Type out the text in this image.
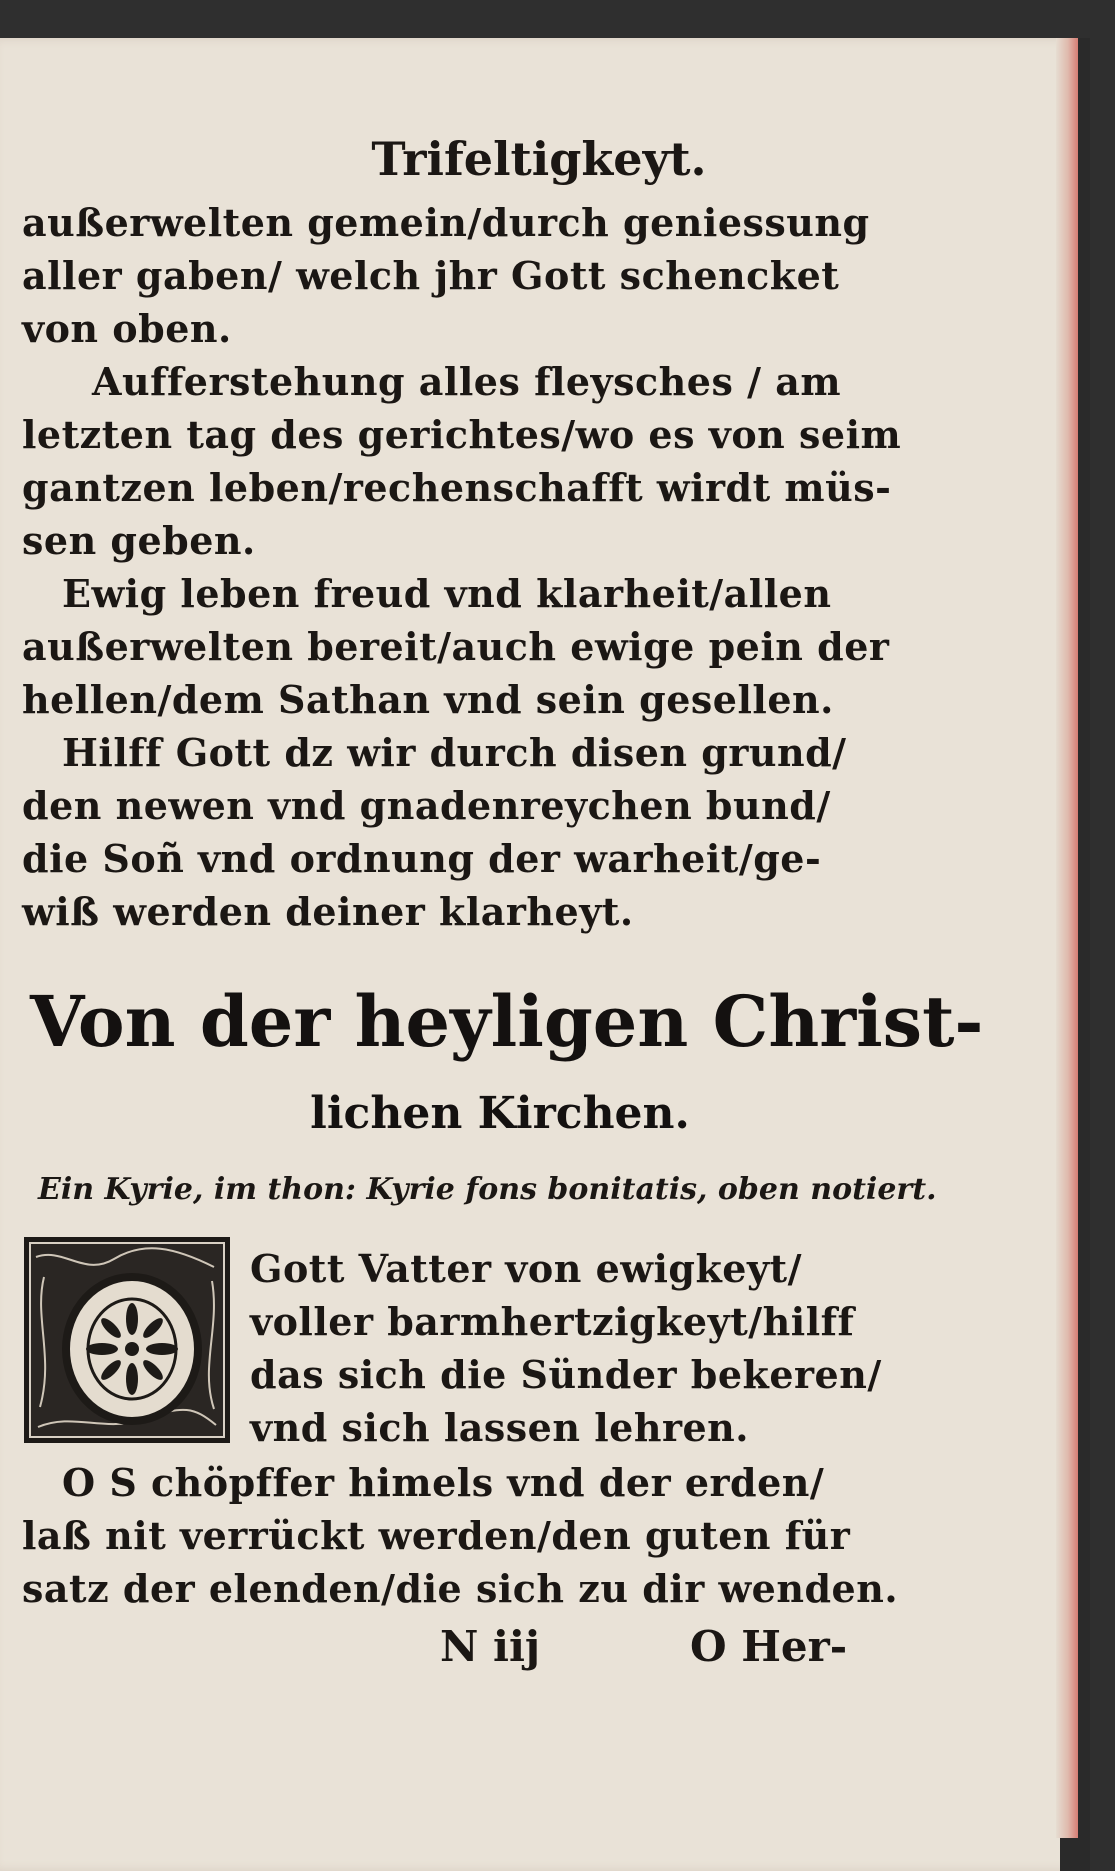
Trifeltigkeyt.
außerwelten gemein/durch geniessung
aller gaben/ welch jhr Gott schencket
von oben.
Aufferstehung alles fleysches / am
letzten tag des gerichtes/wo es von seim
gantzen leben/rechenschafft wirdt müs-
sen geben.
Ewig leben freud vnd klarheit/allen
außerwelten bereit/auch ewige pein der
hellen/dem Sathan vnd sein gesellen.
Hilff Gott dz wir durch disen grund/
den newen vnd gnadenreychen bund/
die Soñ vnd ordnung der warheit/ge-
wiß werden deiner klarheyt.
Von der heyligen Christ-
lichen Kirchen.
Ein Kyrie, im thon: Kyrie fons bonitatis, oben notiert.
Gott Vatter von ewigkeyt/
voller barmhertzigkeyt/hilff
das sich die Sünder bekeren/
vnd sich lassen lehren.
O S chöpffer himels vnd der erden/
laß nit verrückt werden/den guten für
satz der elenden/die sich zu dir wenden.
N iij	O Her-
